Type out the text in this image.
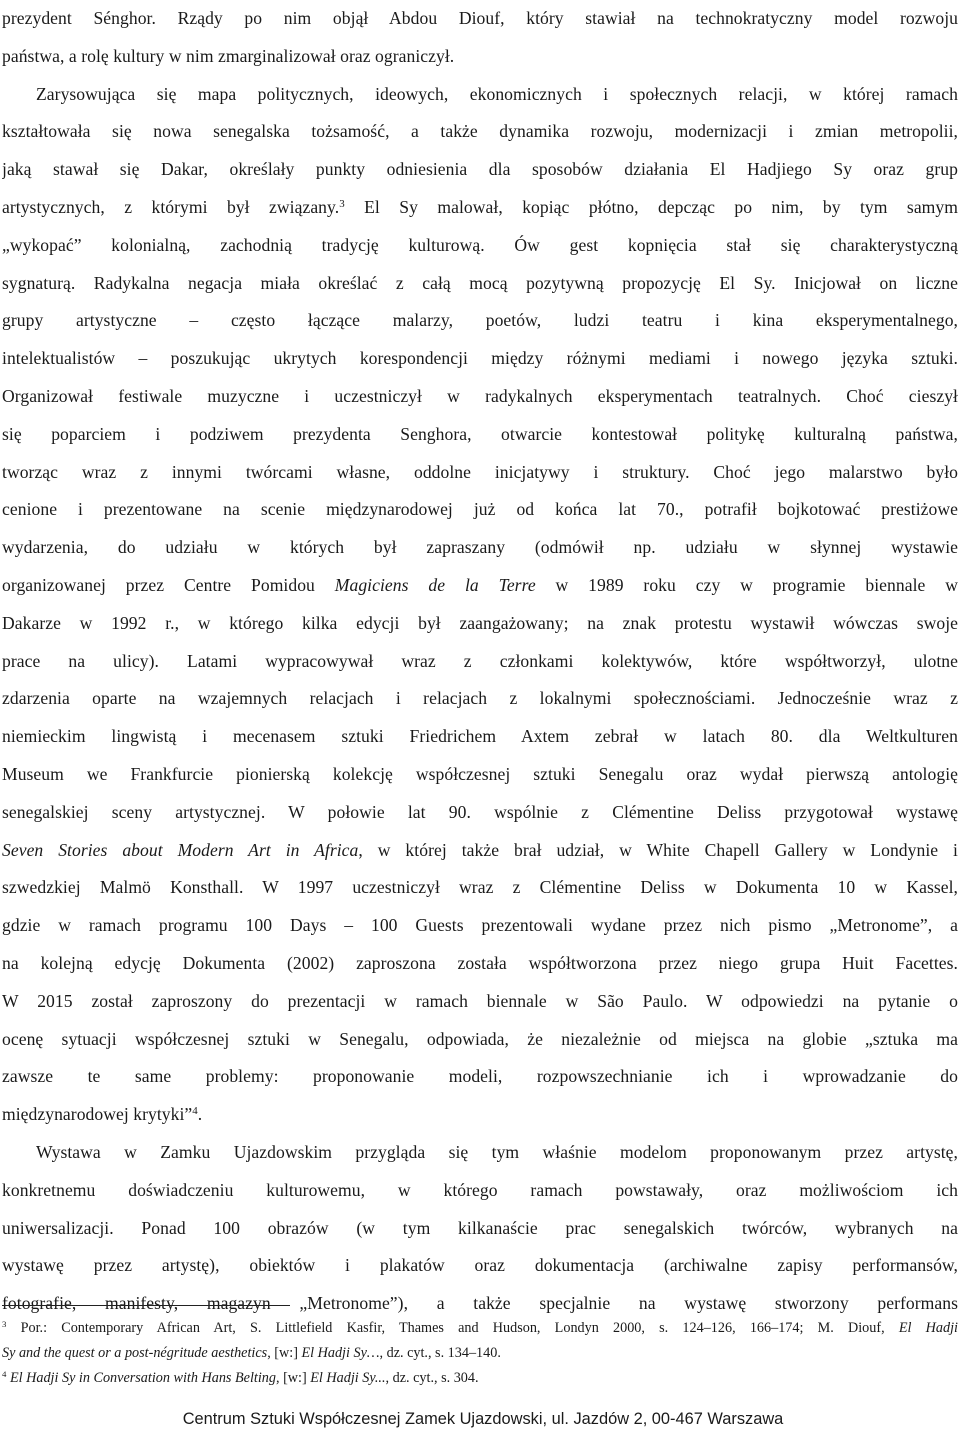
prezydent Sénghor. Rządy po nim objął Abdou Diouf, który stawiał na technokratyczny model rozwoju
państwa, a rolę kultury w nim zmarginalizował oraz ograniczył.
Zarysowująca się mapa politycznych, ideowych, ekonomicznych i społecznych relacji, w której ramach
kształtowała się nowa senegalska tożsamość, a także dynamika rozwoju, modernizacji i zmian metropolii,
jaką stawał się Dakar, określały punkty odniesienia dla sposobów działania El Hadjiego Sy oraz grup
artystycznych, z którymi był związany.$^3$ El Sy malował, kopiąc płótno, depcząc po nim, by tym samym
„wykopać” kolonialną, zachodnią tradycję kulturową. Ów gest kopnięcia stał się charakterystyczną
sygnaturą. Radykalna negacja miała określać z całą mocą pozytywną propozycję El Sy. Inicjował on liczne
grupy artystyczne – często łączące malarzy, poetów, ludzi teatru i kina eksperymentalnego,
intelektualistów – poszukując ukrytych korespondencji między różnymi mediami i nowego języka sztuki.
Organizował festiwale muzyczne i uczestniczył w radykalnych eksperymentach teatralnych. Choć cieszył
się poparciem i podziwem prezydenta Senghora, otwarcie kontestował politykę kulturalną państwa,
tworząc wraz z innymi twórcami własne, oddolne inicjatywy i struktury. Choć jego malarstwo było
cenione i prezentowane na scenie międzynarodowej już od końca lat 70., potrafił bojkotować prestiżowe
wydarzenia, do udziału w których był zapraszany (odmówił np. udziału w słynnej wystawie
organizowanej przez Centre Pomidou Magiciens de la Terre w 1989 roku czy w programie biennale w
Dakarze w 1992 r., w którego kilka edycji był zaangażowany; na znak protestu wystawił wówczas swoje
prace na ulicy). Latami wypracowywał wraz z członkami kolektywów, które współtworzył, ulotne
zdarzenia oparte na wzajemnych relacjach i relacjach z lokalnymi społecznościami. Jednocześnie wraz z
niemieckim lingwistą i mecenasem sztuki Friedrichem Axtem zebrał w latach 80. dla Weltkulturen
Museum we Frankfurcie pionierską kolekcję współczesnej sztuki Senegalu oraz wydał pierwszą antologię
senegalskiej sceny artystycznej. W połowie lat 90. wspólnie z Clémentine Deliss przygotował wystawę
Seven Stories about Modern Art in Africa, w której także brał udział, w White Chapell Gallery w Londynie i
szwedzkiej Malmö Konsthall. W 1997 uczestniczył wraz z Clémentine Deliss w Dokumenta 10 w Kassel,
gdzie w ramach programu 100 Days – 100 Guests prezentowali wydane przez nich pismo „Metronome”, a
na kolejną edycję Dokumenta (2002) zaproszona została współtworzona przez niego grupa Huit Facettes.
W 2015 został zaproszony do prezentacji w ramach biennale w São Paulo. W odpowiedzi na pytanie o
ocenę sytuacji współczesnej sztuki w Senegalu, odpowiada, że niezależnie od miejsca na globie „sztuka ma
zawsze te same problemy: proponowanie modeli, rozpowszechnianie ich i wprowadzanie do
międzynarodowej krytyki”$^4$.
Wystawa w Zamku Ujazdowskim przygląda się tym właśnie modelom proponowanym przez artystę,
konkretnemu doświadczeniu kulturowemu, w którego ramach powstawały, oraz możliwościom ich
uniwersalizacji. Ponad 100 obrazów (w tym kilkanaście prac senegalskich twórców, wybranych na
wystawę przez artystę), obiektów i plakatów oraz dokumentacja (archiwalne zapisy performansów,
fotografie, manifesty, magazyn „Metronome”), a także specjalnie na wystawę stworzony performans
$^3$ Por.: Contemporary African Art, S. Littlefield Kasfir, Thames and Hudson, Londyn 2000, s. 124–126, 166–174; M. Diouf, El Hadji
Sy and the quest or a post-négritude aesthetics, [w:] El Hadji Sy…, dz. cyt., s. 134–140.
$^4$ El Hadji Sy in Conversation with Hans Belting, [w:] El Hadji Sy..., dz. cyt., s. 304.
Centrum Sztuki Współczesnej Zamek Ujazdowski, ul. Jazdów 2, 00-467 Warszawa
